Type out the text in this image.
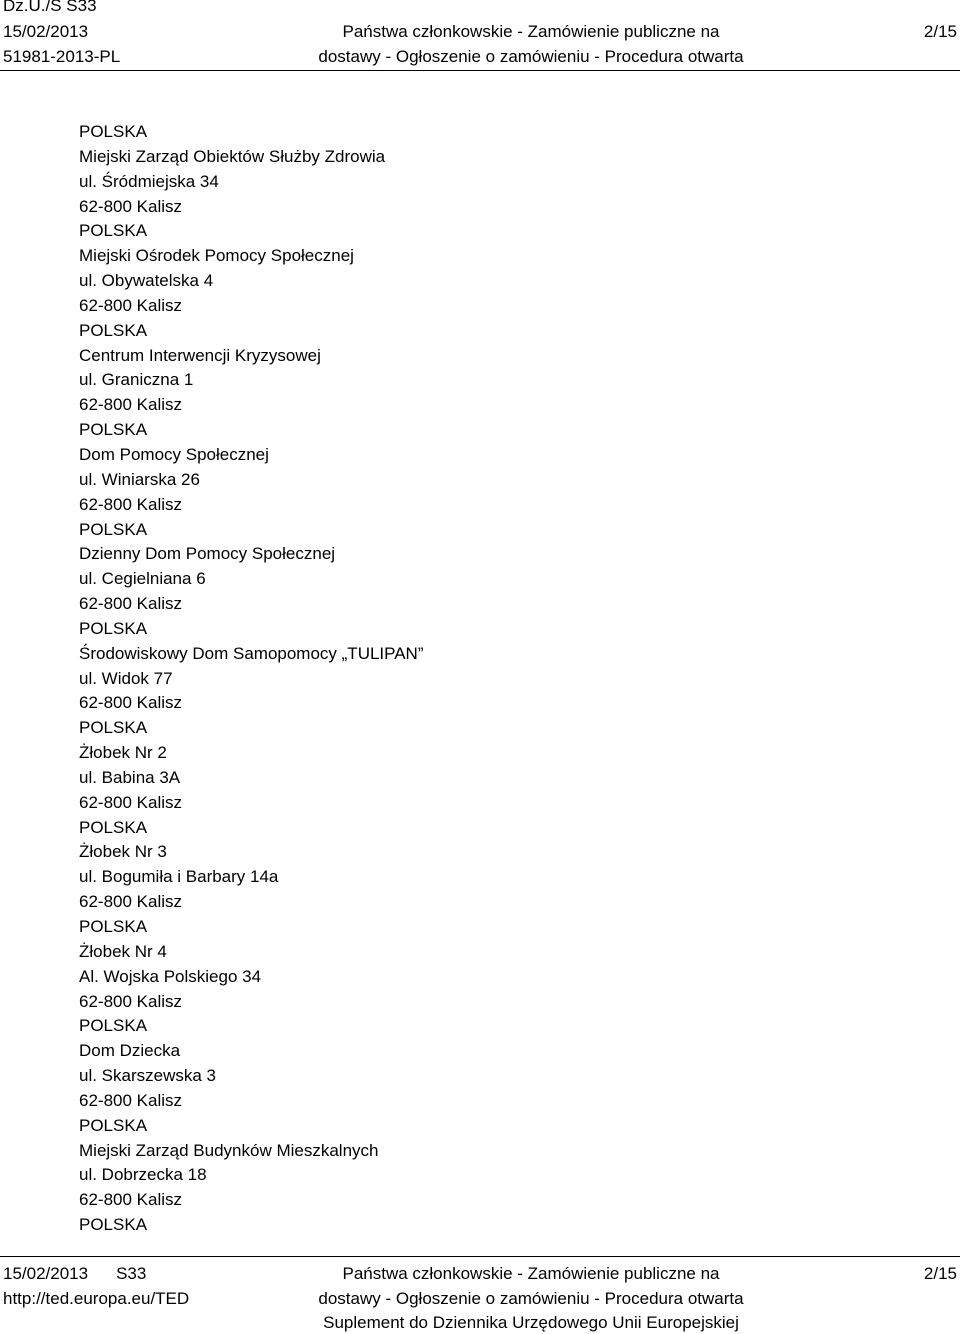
Dz.U./S S33
15/02/2013
51981-2013-PL
Państwa członkowskie - Zamówienie publiczne na
dostawy - Ogłoszenie o zamówieniu - Procedura otwarta
2/15
POLSKA
Miejski Zarząd Obiektów Służby Zdrowia
ul. Śródmiejska 34
62-800 Kalisz
POLSKA
Miejski Ośrodek Pomocy Społecznej
ul. Obywatelska 4
62-800 Kalisz
POLSKA
Centrum Interwencji Kryzysowej
ul. Graniczna 1
62-800 Kalisz
POLSKA
Dom Pomocy Społecznej
ul. Winiarska 26
62-800 Kalisz
POLSKA
Dzienny Dom Pomocy Społecznej
ul. Cegielniana 6
62-800 Kalisz
POLSKA
Środowiskowy Dom Samopomocy „TULIPAN”
ul. Widok 77
62-800 Kalisz
POLSKA
Żłobek Nr 2
ul. Babina 3A
62-800 Kalisz
POLSKA
Żłobek Nr 3
ul. Bogumiła i Barbary 14a
62-800 Kalisz
POLSKA
Żłobek Nr 4
Al. Wojska Polskiego 34
62-800 Kalisz
POLSKA
Dom Dziecka
ul. Skarszewska 3
62-800 Kalisz
POLSKA
Miejski Zarząd Budynków Mieszkalnych
ul. Dobrzecka 18
62-800 Kalisz
POLSKA
15/02/2013 S33
http://ted.europa.eu/TED
Państwa członkowskie - Zamówienie publiczne na
dostawy - Ogłoszenie o zamówieniu - Procedura otwarta
Suplement do Dziennika Urzędowego Unii Europejskiej
2/15
